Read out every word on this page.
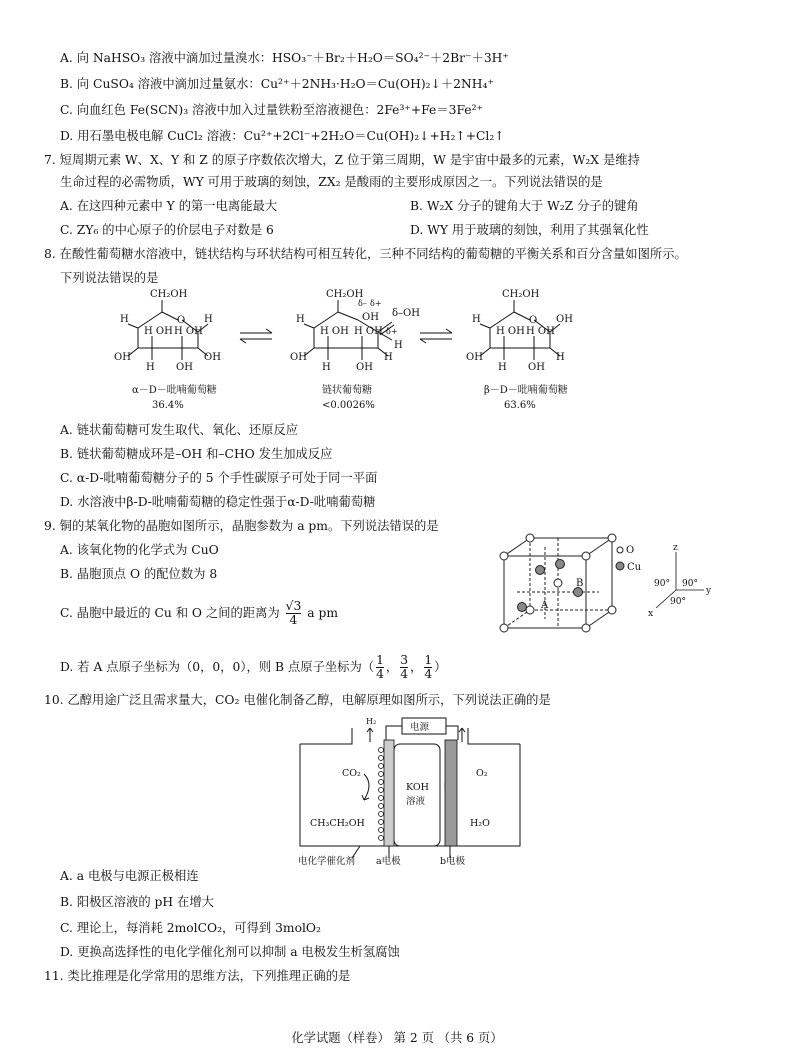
A. 向 NaHSO₃ 溶液中滴加过量溴水：HSO₃⁻＋Br₂＋H₂O＝SO₄²⁻＋2Br⁻＋3H⁺
B. 向 CuSO₄ 溶液中滴加过量氨水：Cu²⁺＋2NH₃·H₂O＝Cu(OH)₂↓＋2NH₄⁺
C. 向血红色 Fe(SCN)₃ 溶液中加入过量铁粉至溶液褪色：2Fe³⁺+Fe＝3Fe²⁺
D. 用石墨电极电解 CuCl₂ 溶液：Cu²⁺+2Cl⁻+2H₂O＝Cu(OH)₂↓+H₂↑+Cl₂↑
7. 短周期元素 W、X、Y 和 Z 的原子序数依次增大，Z 位于第三周期，W 是宇宙中最多的元素，W₂X 是维持
生命过程的必需物质，WY 可用于玻璃的刻蚀，ZX₂ 是酸雨的主要形成原因之一。下列说法错误的是
A. 在这四种元素中 Y 的第一电离能最大	B. W₂X 分子的键角大于 W₂Z 分子的键角
C. ZY₆ 的中心原子的价层电子对数是 6	D. WY 用于玻璃的刻蚀，利用了其强氧化性
8. 在酸性葡萄糖水溶液中，链状结构与环状结构可相互转化，三种不同结构的葡萄糖的平衡关系和百分含量如图所示。
下列说法错误的是
CH₂OH
O
H	H
H OH H OH
OH	OH
H OH
α－D－吡喃葡萄糖
36.4%
CH₂OH
δ– δ+
OH δ–OH
δ+
H
H
H OH H OH
OH	H
H	OH
链状葡萄糖
<0.0026%
CH₂OH
O
H	OH
H OH H OH
OH	H
H OH
β－D－吡喃葡萄糖
63.6%
A. 链状葡萄糖可发生取代、氧化、还原反应
B. 链状葡萄糖成环是–OH 和–CHO 发生加成反应
C. α-D-吡喃葡萄糖分子的 5 个手性碳原子可处于同一平面
D. 水溶液中β-D-吡喃葡萄糖的稳定性强于α-D-吡喃葡萄糖
9. 铜的某氧化物的晶胞如图所示，晶胞参数为 a pm。下列说法错误的是
A. 该氧化物的化学式为 CuO
B. 晶胞顶点 O 的配位数为 8
C. 晶胞中最近的 Cu 和 O 之间的距离为 $\frac{√3}{4}$ a pm
D. 若 A 点原子坐标为（0，0，0），则 B 点原子坐标为（ $\frac{1}{4}$ ， $\frac{3}{4}$ ， $\frac{1}{4}$ ）
O
Cu
A
B
z
y
x
90° 90°
90°
10. 乙醇用途广泛且需求量大，CO₂ 电催化制备乙醇，电解原理如图所示，下列说法正确的是
电源
H₂
CO₂
CH₃CH₂OH
KOH
溶液
O₂
H₂O
电化学催化剂 a电极	b电极
A. a 电极与电源正极相连
B. 阳极区溶液的 pH 在增大
C. 理论上，每消耗 2molCO₂，可得到 3molO₂
D. 更换高选择性的电化学催化剂可以抑制 a 电极发生析氢腐蚀
11. 类比推理是化学常用的思维方法，下列推理正确的是
化学试题（样卷） 第 2 页 （共 6 页）
